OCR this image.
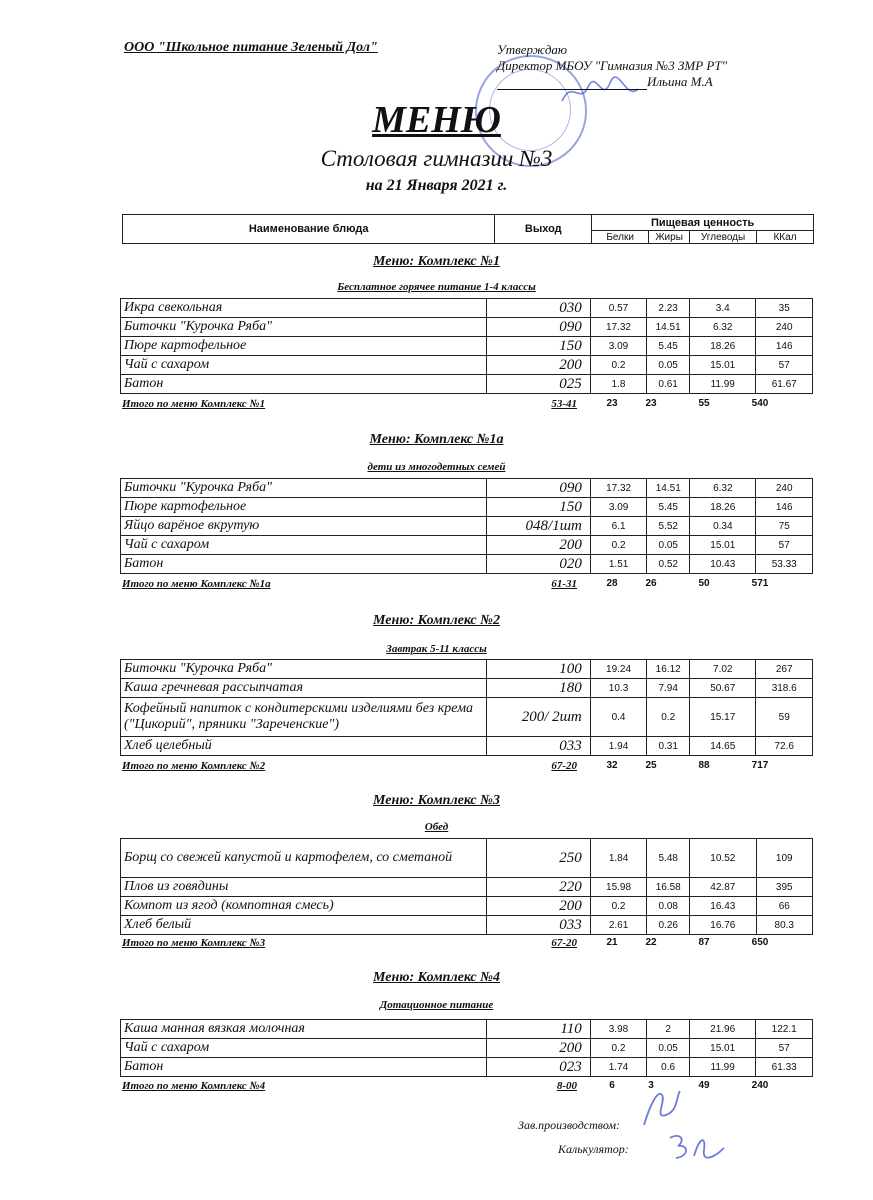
ООО "Школьное питание Зеленый Дол"	Утверждаю
Директор МБОУ "Гимназия №3 ЗМР РТ"
Ильина М.А
МЕНЮ
Столовая гимназии №3
на 21 Января 2021 г.
Наименование блюда	Выход	Пищевая ценность			
		Белки	Жиры	Углеводы	ККал
Меню: Комплекс №1
Бесплатное горячее питание 1-4 классы
Икра свекольная	030	0.57	2.23	3.4	35
Биточки "Курочка Ряба"	090	17.32	14.51	6.32	240
Пюре картофельное	150	3.09	5.45	18.26	146
Чай с сахаром	200	0.2	0.05	15.01	57
Батон	025	1.8	0.61	11.99	61.67
Итого по меню Комплекс №1	53-41	23	23	55	540
Меню: Комплекс №1а
дети из многодетных семей
Биточки "Курочка Ряба"	090	17.32	14.51	6.32	240
Пюре картофельное	150	3.09	5.45	18.26	146
Яйцо варёное вкрутую	048/1шт	6.1	5.52	0.34	75
Чай с сахаром	200	0.2	0.05	15.01	57
Батон	020	1.51	0.52	10.43	53.33
Итого по меню Комплекс №1а	61-31	28	26	50	571
Меню: Комплекс №2
Завтрак 5-11 классы
Биточки "Курочка Ряба"	100	19.24	16.12	7.02	267
Каша гречневая рассыпчатая	180	10.3	7.94	50.67	318.6
Кофейный напиток с кондитерскими изделиями без крема ("Цикорий", пряники "Зареченские")	200/ 2шт	0.4	0.2	15.17	59
Хлеб целебный	033	1.94	0.31	14.65	72.6
Итого по меню Комплекс №2	67-20	32	25	88	717
Меню: Комплекс №3
Обед
Борщ со свежей капустой и картофелем, со сметаной	250	1.84	5.48	10.52	109
Плов из говядины	220	15.98	16.58	42.87	395
Компот из ягод (компотная смесь)	200	0.2	0.08	16.43	66
Хлеб белый	033	2.61	0.26	16.76	80.3
Итого по меню Комплекс №3	67-20	21	22	87	650
Меню: Комплекс №4
Дотационное питание
Каша манная вязкая молочная	110	3.98	2	21.96	122.1
Чай с сахаром	200	0.2	0.05	15.01	57
Батон	023	1.74	0.6	11.99	61.33
Итого по меню Комплекс №4	8-00	6	3	49	240
Зав.производством:
Калькулятор:
